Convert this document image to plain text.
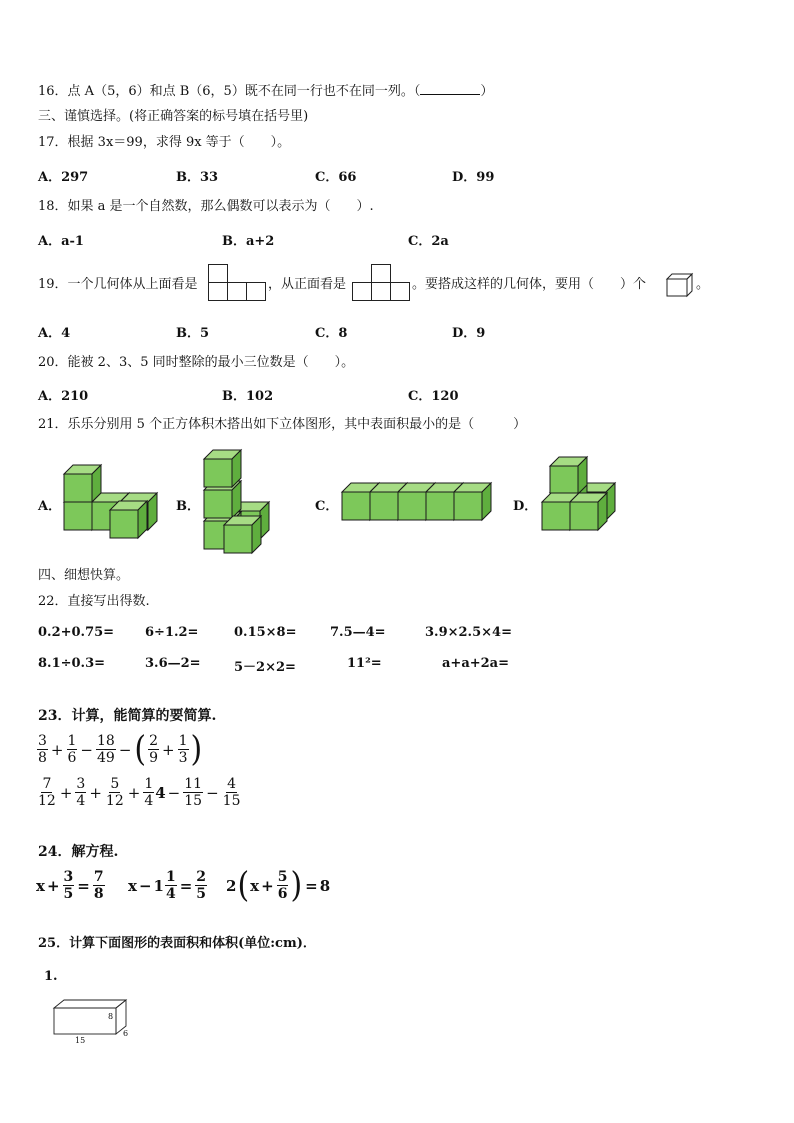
16．点 A（5，6）和点 B（6，5）既不在同一行也不在同一列。（	）
三、谨慎选择。(将正确答案的标号填在括号里)
17．根据 3x＝99，求得 9x 等于（　　）。
A．297	B．33	C．66	D．99
18．如果 a 是一个自然数，那么偶数可以表示为（　　）.
A．a-1	B．a+2	C．2a
19．一个几何体从上面看是	，从正面看是	。要搭成这样的几何体，要用（　　）个	。
A．4	B．5	C．8	D．9
20．能被 2、3、5 同时整除的最小三位数是（　　）。
A．210	B．102	C．120
21．乐乐分别用 5 个正方体积木搭出如下立体图形，其中表面积最小的是（　　　）
A．	B．	C．	D．
四、细想快算。
22．直接写出得数.
0.2+0.75= 6÷1.2=	0.15×8=	7.5—4=	3.9×2.5×4=
8.1÷0.3=	3.6—2=	5－2×2=	11²=	a+a+2a=
23．计算，能简算的要简算.
$\frac{3}{8} + \frac{1}{6} - \frac{18}{49}$ − ( $\frac{2}{9} + \frac{1}{3}$ )
$\frac{7}{12} + \frac{3}{4} + \frac{5}{12} + \frac{1}{4} 4 - \frac{11}{15} - \frac{4}{15}$
24．解方程.
$x + \frac{3}{5} = \frac{7}{8}$ $x - 1 \frac{1}{4} = \frac{2}{5} 2$ ( $x + \frac{5}{6}$ ) = 8
25．计算下面图形的表面积和体积(单位:cm)．
1.
8
15
6
